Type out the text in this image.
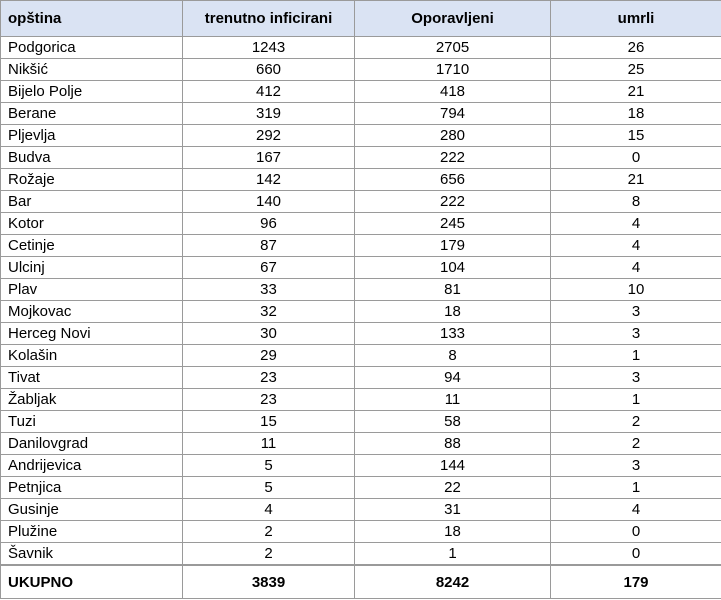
opština	trenutno inficirani	Oporavljeni	umrli
Podgorica	1243	2705	26
Nikšić	660	1710	25
Bijelo Polje	412	418	21
Berane	319	794	18
Pljevlja	292	280	15
Budva	167	222	0
Rožaje	142	656	21
Bar	140	222	8
Kotor	96	245	4
Cetinje	87	179	4
Ulcinj	67	104	4
Plav	33	81	10
Mojkovac	32	18	3
Herceg Novi	30	133	3
Kolašin	29	8	1
Tivat	23	94	3
Žabljak	23	11	1
Tuzi	15	58	2
Danilovgrad	11	88	2
Andrijevica	5	144	3
Petnjica	5	22	1
Gusinje	4	31	4
Plužine	2	18	0
Šavnik	2	1	0
UKUPNO	3839	8242	179
